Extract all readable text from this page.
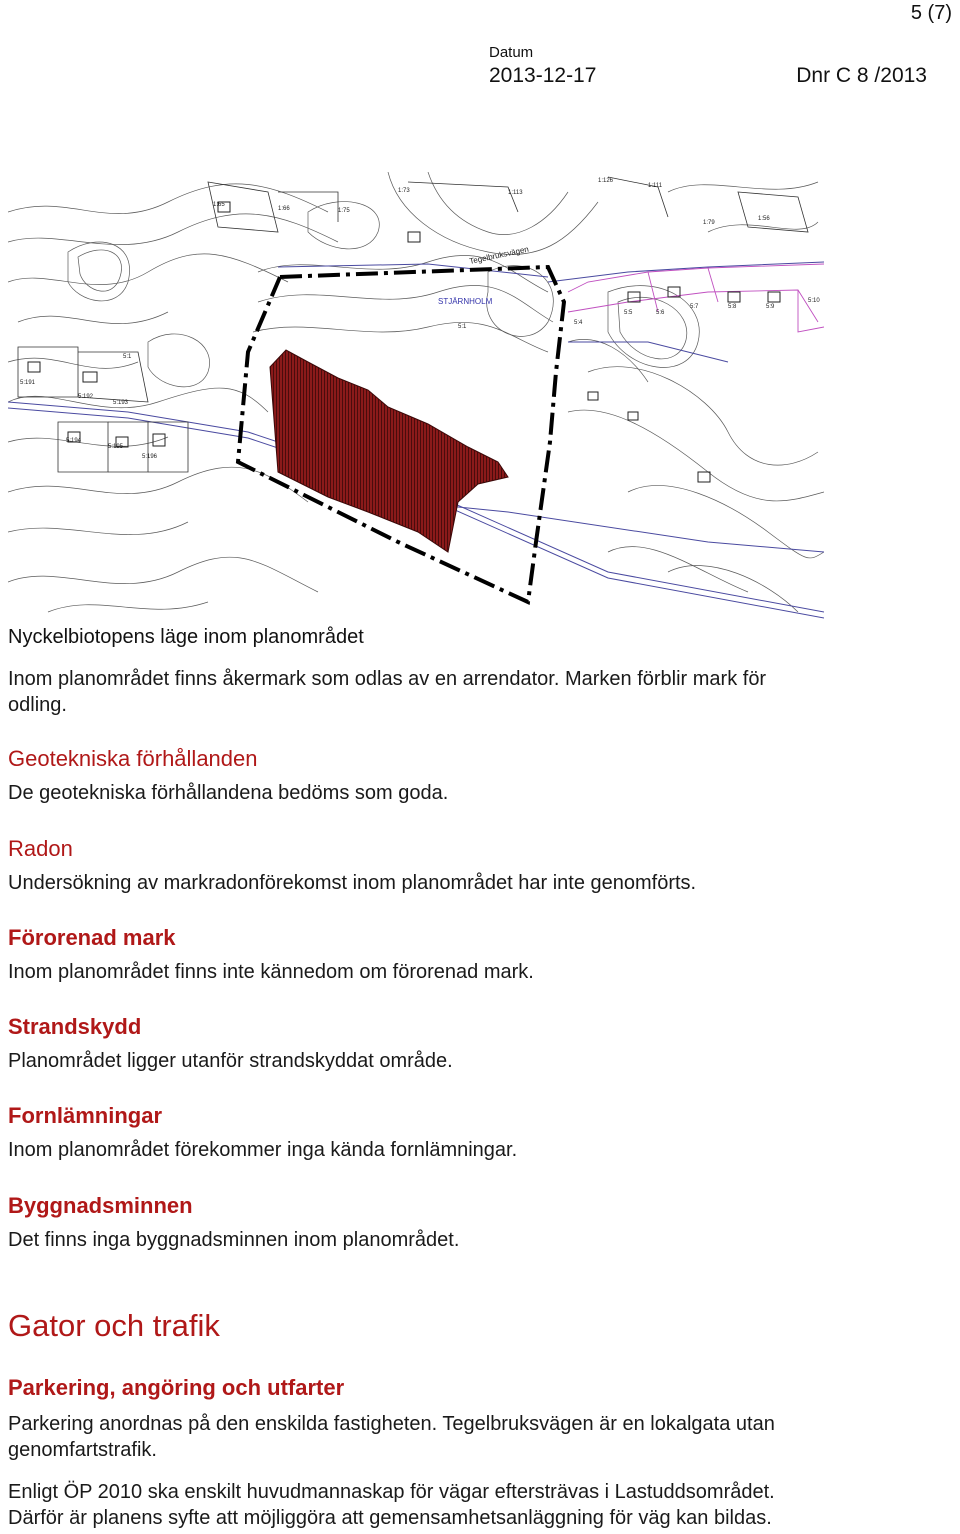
5 (7)
Datum
2013-12-17	Dnr C 8 /2013
Tegelbruksvägen
STJÄRNHOLM
5:1
5:1
5:191
5:192
5:193
5:194
5:195
5:196
5:4
5:9
5:10
5:5	5:6
5:7	5:8
1:56
1:73
1:75
1:113
1:111
1:65
1:79
1:66
1:126
Nyckelbiotopens läge inom planområdet

Inom planområdet finns åkermark som odlas av en arrendator. Marken förblir mark för

odling.

Geotekniska förhållanden

De geotekniska förhållandena bedöms som goda.

Radon

Undersökning av markradonförekomst inom planområdet har inte genomförts.

Förorenad mark

Inom planområdet finns inte kännedom om förorenad mark.

Strandskydd

Planområdet ligger utanför strandskyddat område.

Fornlämningar

Inom planområdet förekommer inga kända fornlämningar.

Byggnadsminnen

Det finns inga byggnadsminnen inom planområdet.

Gator och trafik

Parkering, angöring och utfarter

Parkering anordnas på den enskilda fastigheten. Tegelbruksvägen är en lokalgata utan

genomfartstrafik.

Enligt ÖP 2010 ska enskilt huvudmannaskap för vägar eftersträvas i Lastuddsområdet.

Därför är planens syfte att möjliggöra att gemensamhetsanläggning för väg kan bildas.
